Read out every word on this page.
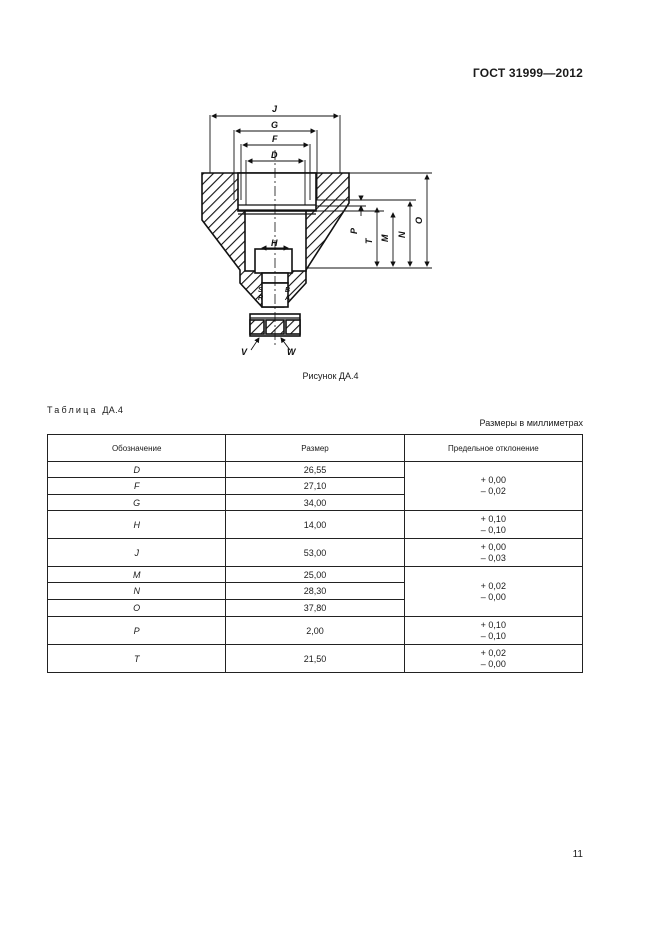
ГОСТ 31999—2012
J
G
F
D
H
O
N
M
T
P
S
R
B
A
V	W
Рисунок ДА.4
Таблица ДА.4
Размеры в миллиметрах
Обозначение	Размер	Предельное отклонение
D	26,55	+ 0,00
– 0,02

F	27,10	
G	34,00	
H	14,00	+ 0,10
– 0,10

J	53,00	+ 0,00
– 0,03

M	25,00	+ 0,02
– 0,00

N	28,30	
O	37,80	
P	2,00	+ 0,10
– 0,10

T	21,50	+ 0,02
– 0,00
11
